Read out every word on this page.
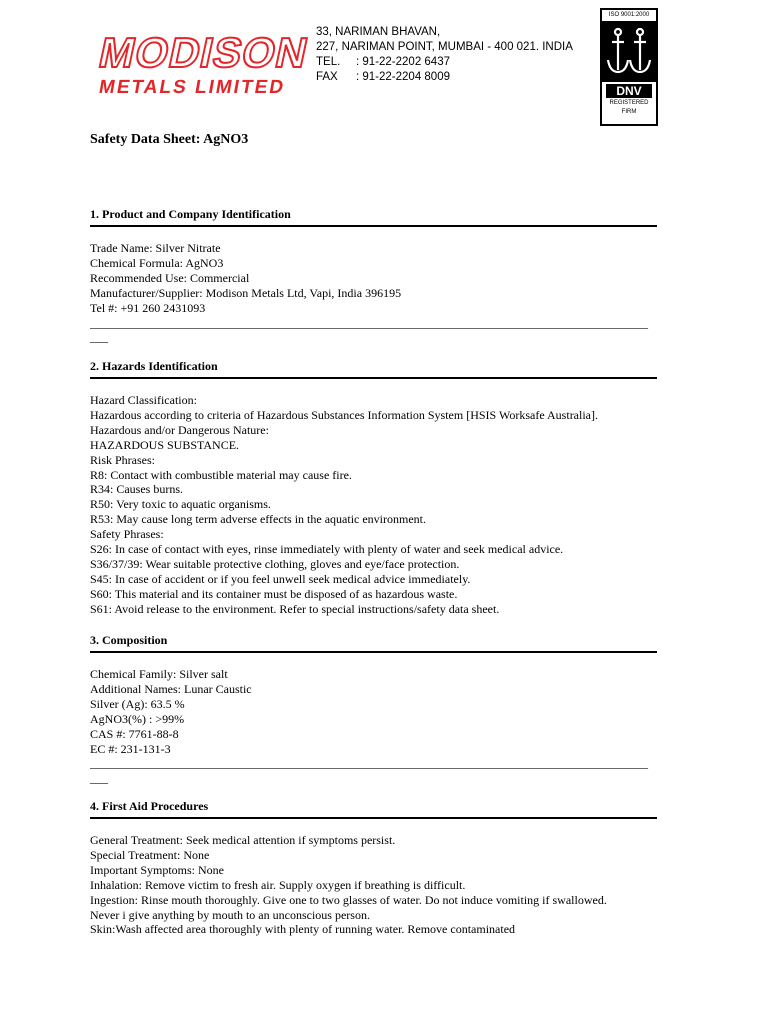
MODISON
METALS LIMITED
33, NARIMAN BHAVAN,
227, NARIMAN POINT, MUMBAI - 400 021. INDIA
TEL.	: 91-22-2202 6437
FAX	: 91-22-2204 8009
ISO 9001:2000
DNV
REGISTERED
FIRM
Safety Data Sheet: AgNO3
1. Product and Company Identification
Trade Name: Silver Nitrate
Chemical Formula: AgNO3
Recommended Use: Commercial
Manufacturer/Supplier: Modison Metals Ltd, Vapi, India 396195
Tel #: +91 260 2431093
_____________________________________________________________________________________________
___
2. Hazards Identification
Hazard Classification:
Hazardous according to criteria of Hazardous Substances Information System [HSIS Worksafe Australia].
Hazardous and/or Dangerous Nature:
HAZARDOUS SUBSTANCE.
Risk Phrases:
R8: Contact with combustible material may cause fire.
R34: Causes burns.
R50: Very toxic to aquatic organisms.
R53: May cause long term adverse effects in the aquatic environment.
Safety Phrases:
S26: In case of contact with eyes, rinse immediately with plenty of water and seek medical advice.
S36/37/39: Wear suitable protective clothing, gloves and eye/face protection.
S45: In case of accident or if you feel unwell seek medical advice immediately.
S60: This material and its container must be disposed of as hazardous waste.
S61: Avoid release to the environment. Refer to special instructions/safety data sheet.
3. Composition
Chemical Family: Silver salt
Additional Names: Lunar Caustic
Silver (Ag): 63.5 %
AgNO3(%) : >99%
CAS #: 7761-88-8
EC #: 231-131-3
_____________________________________________________________________________________________
___
4. First Aid Procedures
General Treatment: Seek medical attention if symptoms persist.
Special Treatment: None
Important Symptoms: None
Inhalation: Remove victim to fresh air. Supply oxygen if breathing is difficult.
Ingestion: Rinse mouth thoroughly. Give one to two glasses of water. Do not induce vomiting if swallowed.
Never i give anything by mouth to an unconscious person.
Skin:Wash affected area thoroughly with plenty of running water. Remove contaminated
